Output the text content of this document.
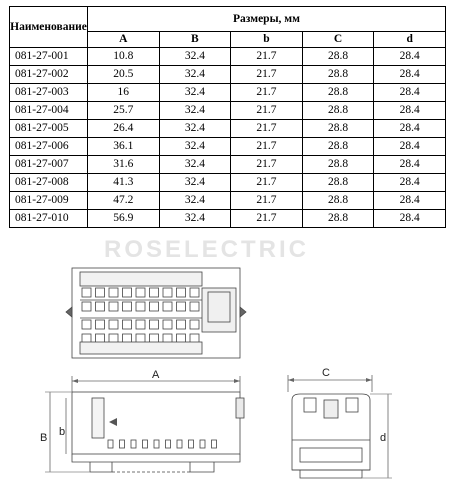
Наименование	Размеры, мм				
	A	B	b	C	d
081-27-001	10.8	32.4	21.7	28.8	28.4
081-27-002	20.5	32.4	21.7	28.8	28.4
081-27-003	16	32.4	21.7	28.8	28.4
081-27-004	25.7	32.4	21.7	28.8	28.4
081-27-005	26.4	32.4	21.7	28.8	28.4
081-27-006	36.1	32.4	21.7	28.8	28.4
081-27-007	31.6	32.4	21.7	28.8	28.4
081-27-008	41.3	32.4	21.7	28.8	28.4
081-27-009	47.2	32.4	21.7	28.8	28.4
081-27-010	56.9	32.4	21.7	28.8	28.4
ROSELECTRIC
A
B b
C
d
